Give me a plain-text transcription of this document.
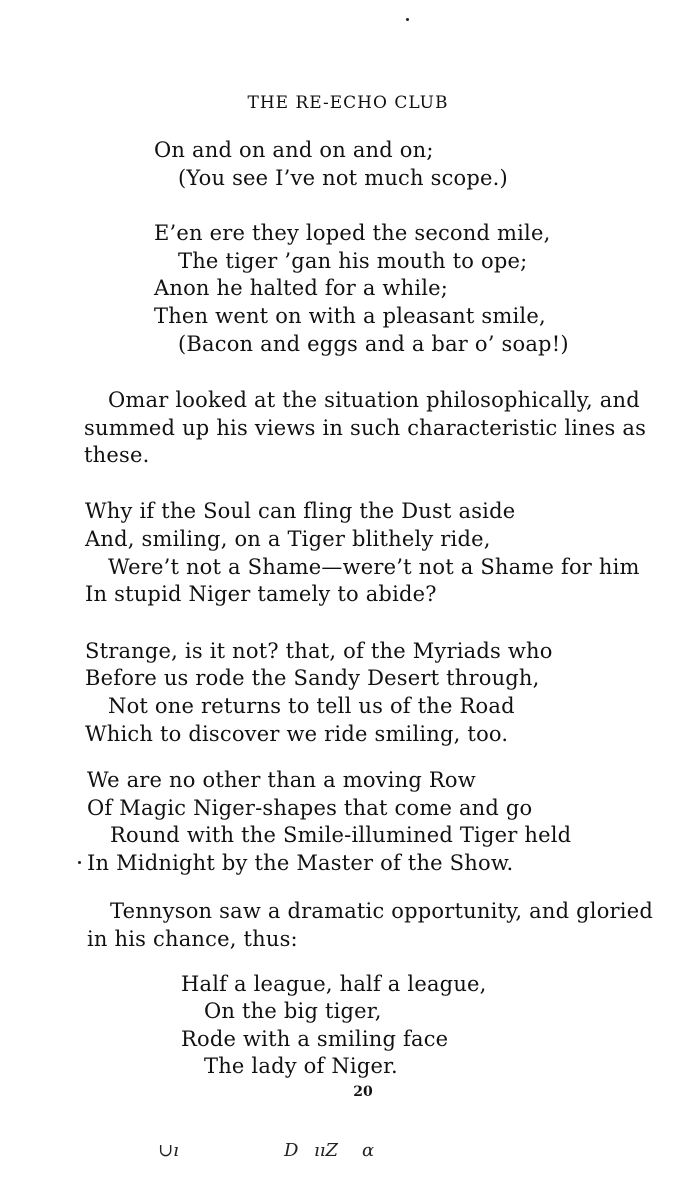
THE RE-ECHO CLUB
On and on and on and on;
(You see I’ve not much scope.)
E’en ere they loped the second mile,
The tiger ’gan his mouth to ope;
Anon he halted for a while;
Then went on with a pleasant smile,
(Bacon and eggs and a bar o’ soap!)
Omar looked at the situation philosophically, and
summed up his views in such characteristic lines as
these.
Why if the Soul can fling the Dust aside
And, smiling, on a Tiger blithely ride,
Were’t not a Shame—were’t not a Shame for him
In stupid Niger tamely to abide?
Strange, is it not? that, of the Myriads who
Before us rode the Sandy Desert through,
Not one returns to tell us of the Road
Which to discover we ride smiling, too.
We are no other than a moving Row
Of Magic Niger-shapes that come and go
Round with the Smile-illumined Tiger held
In Midnight by the Master of the Show.
Tennyson saw a dramatic opportunity, and gloried
in his chance, thus:
Half a league, half a league,
On the big tiger,
Rode with a smiling face
The lady of Niger.
20
∪ı	D ııZ α
